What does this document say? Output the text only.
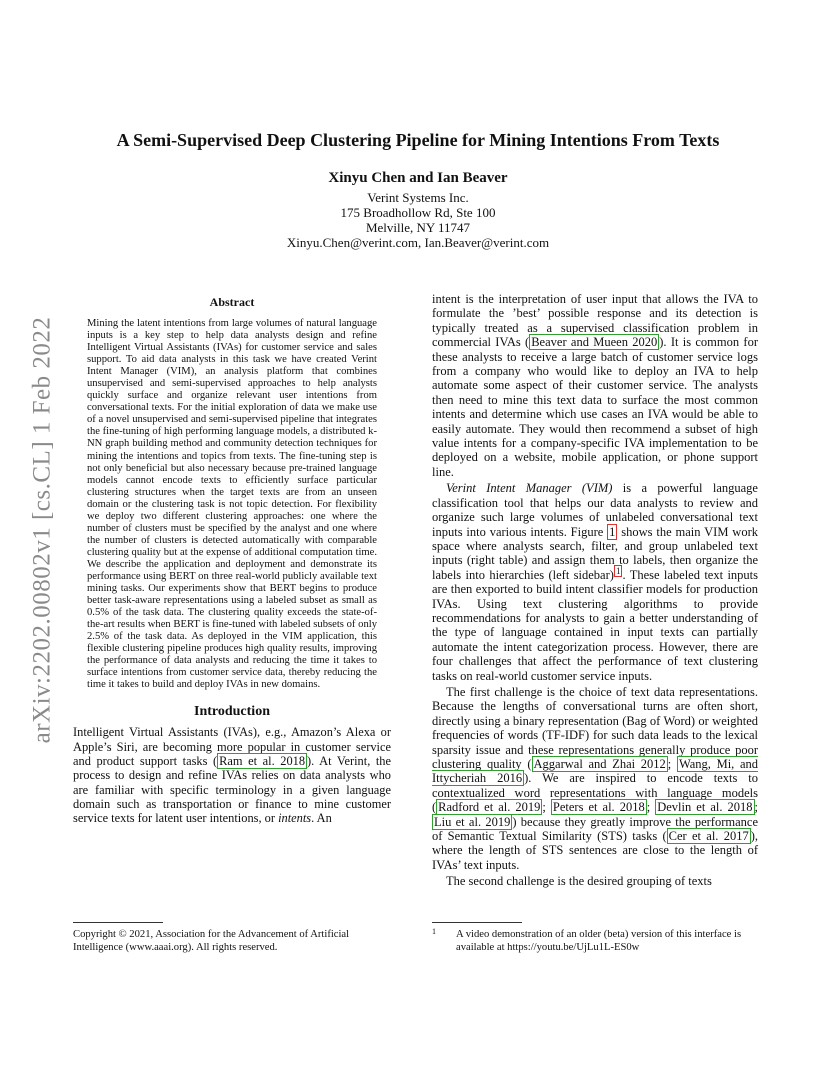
arXiv:2202.00802v1 [cs.CL] 1 Feb 2022
A Semi-Supervised Deep Clustering Pipeline for Mining Intentions From Texts
Xinyu Chen and Ian Beaver
Verint Systems Inc.
175 Broadhollow Rd, Ste 100
Melville, NY 11747
Xinyu.Chen@verint.com, Ian.Beaver@verint.com
Abstract

Mining the latent intentions from large volumes of natural language inputs is a key step to help data analysts design and refine Intelligent Virtual Assistants (IVAs) for customer service and sales support. To aid data analysts in this task we have created Verint Intent Manager (VIM), an analysis platform that combines unsupervised and semi-supervised approaches to help analysts quickly surface and organize relevant user intentions from conversational texts. For the initial exploration of data we make use of a novel unsupervised and semi-supervised pipeline that integrates the fine-tuning of high performing language models, a distributed k-NN graph building method and community detection techniques for mining the intentions and topics from texts. The fine-tuning step is not only beneficial but also necessary because pre-trained language models cannot encode texts to efficiently surface particular clustering structures when the target texts are from an unseen domain or the clustering task is not topic detection. For flexibility we deploy two different clustering approaches: one where the number of clusters must be specified by the analyst and one where the number of clusters is detected automatically with comparable clustering quality but at the expense of additional computation time. We describe the application and deployment and demonstrate its performance using BERT on three real-world publicly available text mining tasks. Our experiments show that BERT begins to produce better task-aware representations using a labeled subset as small as 0.5% of the task data. The clustering quality exceeds the state-of-the-art results when BERT is fine-tuned with labeled subsets of only 2.5% of the task data. As deployed in the VIM application, this flexible clustering pipeline produces high quality results, improving the performance of data analysts and reducing the time it takes to surface intentions from customer service data, thereby reducing the time it takes to build and deploy IVAs in new domains.

Introduction

Intelligent Virtual Assistants (IVAs), e.g., Amazon’s Alexa or Apple’s Siri, are becoming more popular in customer service and product support tasks ( Ram et al. 2018 ). At Verint, the process to design and refine IVAs relies on data analysts who are familiar with specific terminology in a given language domain such as transportation or finance to mine customer service texts for latent user intentions, or intents. An

intent is the interpretation of user input that allows the IVA to formulate the ’best’ possible response and its detection is typically treated as a supervised classification problem in commercial IVAs ( Beaver and Mueen 2020 ). It is common for these analysts to receive a large batch of customer service logs from a company who would like to deploy an IVA to help automate some aspect of their customer service. The analysts then need to mine this text data to surface the most common intents and determine which use cases an IVA would be able to easily automate. They would then recommend a subset of high value intents for a company-specific IVA implementation to be deployed on a website, mobile application, or phone support line.

Verint Intent Manager (VIM) is a powerful language classification tool that helps our data analysts to review and organize such large volumes of unlabeled conversational text inputs into various intents. Figure 1 shows the main VIM work space where analysts search, filter, and group unlabeled text inputs (right table) and assign them to labels, then organize the labels into hierarchies (left sidebar) $^1$ . These labeled text inputs are then exported to build intent classifier models for production IVAs. Using text clustering algorithms to provide recommendations for analysts to gain a better understanding of the type of language contained in input texts can partially automate the intent categorization process. However, there are four challenges that affect the performance of text clustering tasks on real-world customer service inputs.

The first challenge is the choice of text data representations. Because the lengths of conversational turns are often short, directly using a binary representation (Bag of Word) or weighted frequencies of words (TF-IDF) for such data leads to the lexical sparsity issue and these representations generally produce poor clustering quality ( Aggarwal and Zhai 2012 ; Wang, Mi, and Ittycheriah 2016 ). We are inspired to encode texts to contextualized word representations with language models ( Radford et al. 2019 ; Peters et al. 2018 ; Devlin et al. 2018 ; Liu et al. 2019 ) because they greatly improve the performance of Semantic Textual Similarity (STS) tasks ( Cer et al. 2017 ), where the length of STS sentences are close to the length of IVAs’ text inputs.

The second challenge is the desired grouping of texts

Copyright © 2021, Association for the Advancement of Artificial Intelligence (www.aaai.org). All rights reserved.
1 A video demonstration of an older (beta) version of this interface is available at https://youtu.be/UjLu1L-ES0w
